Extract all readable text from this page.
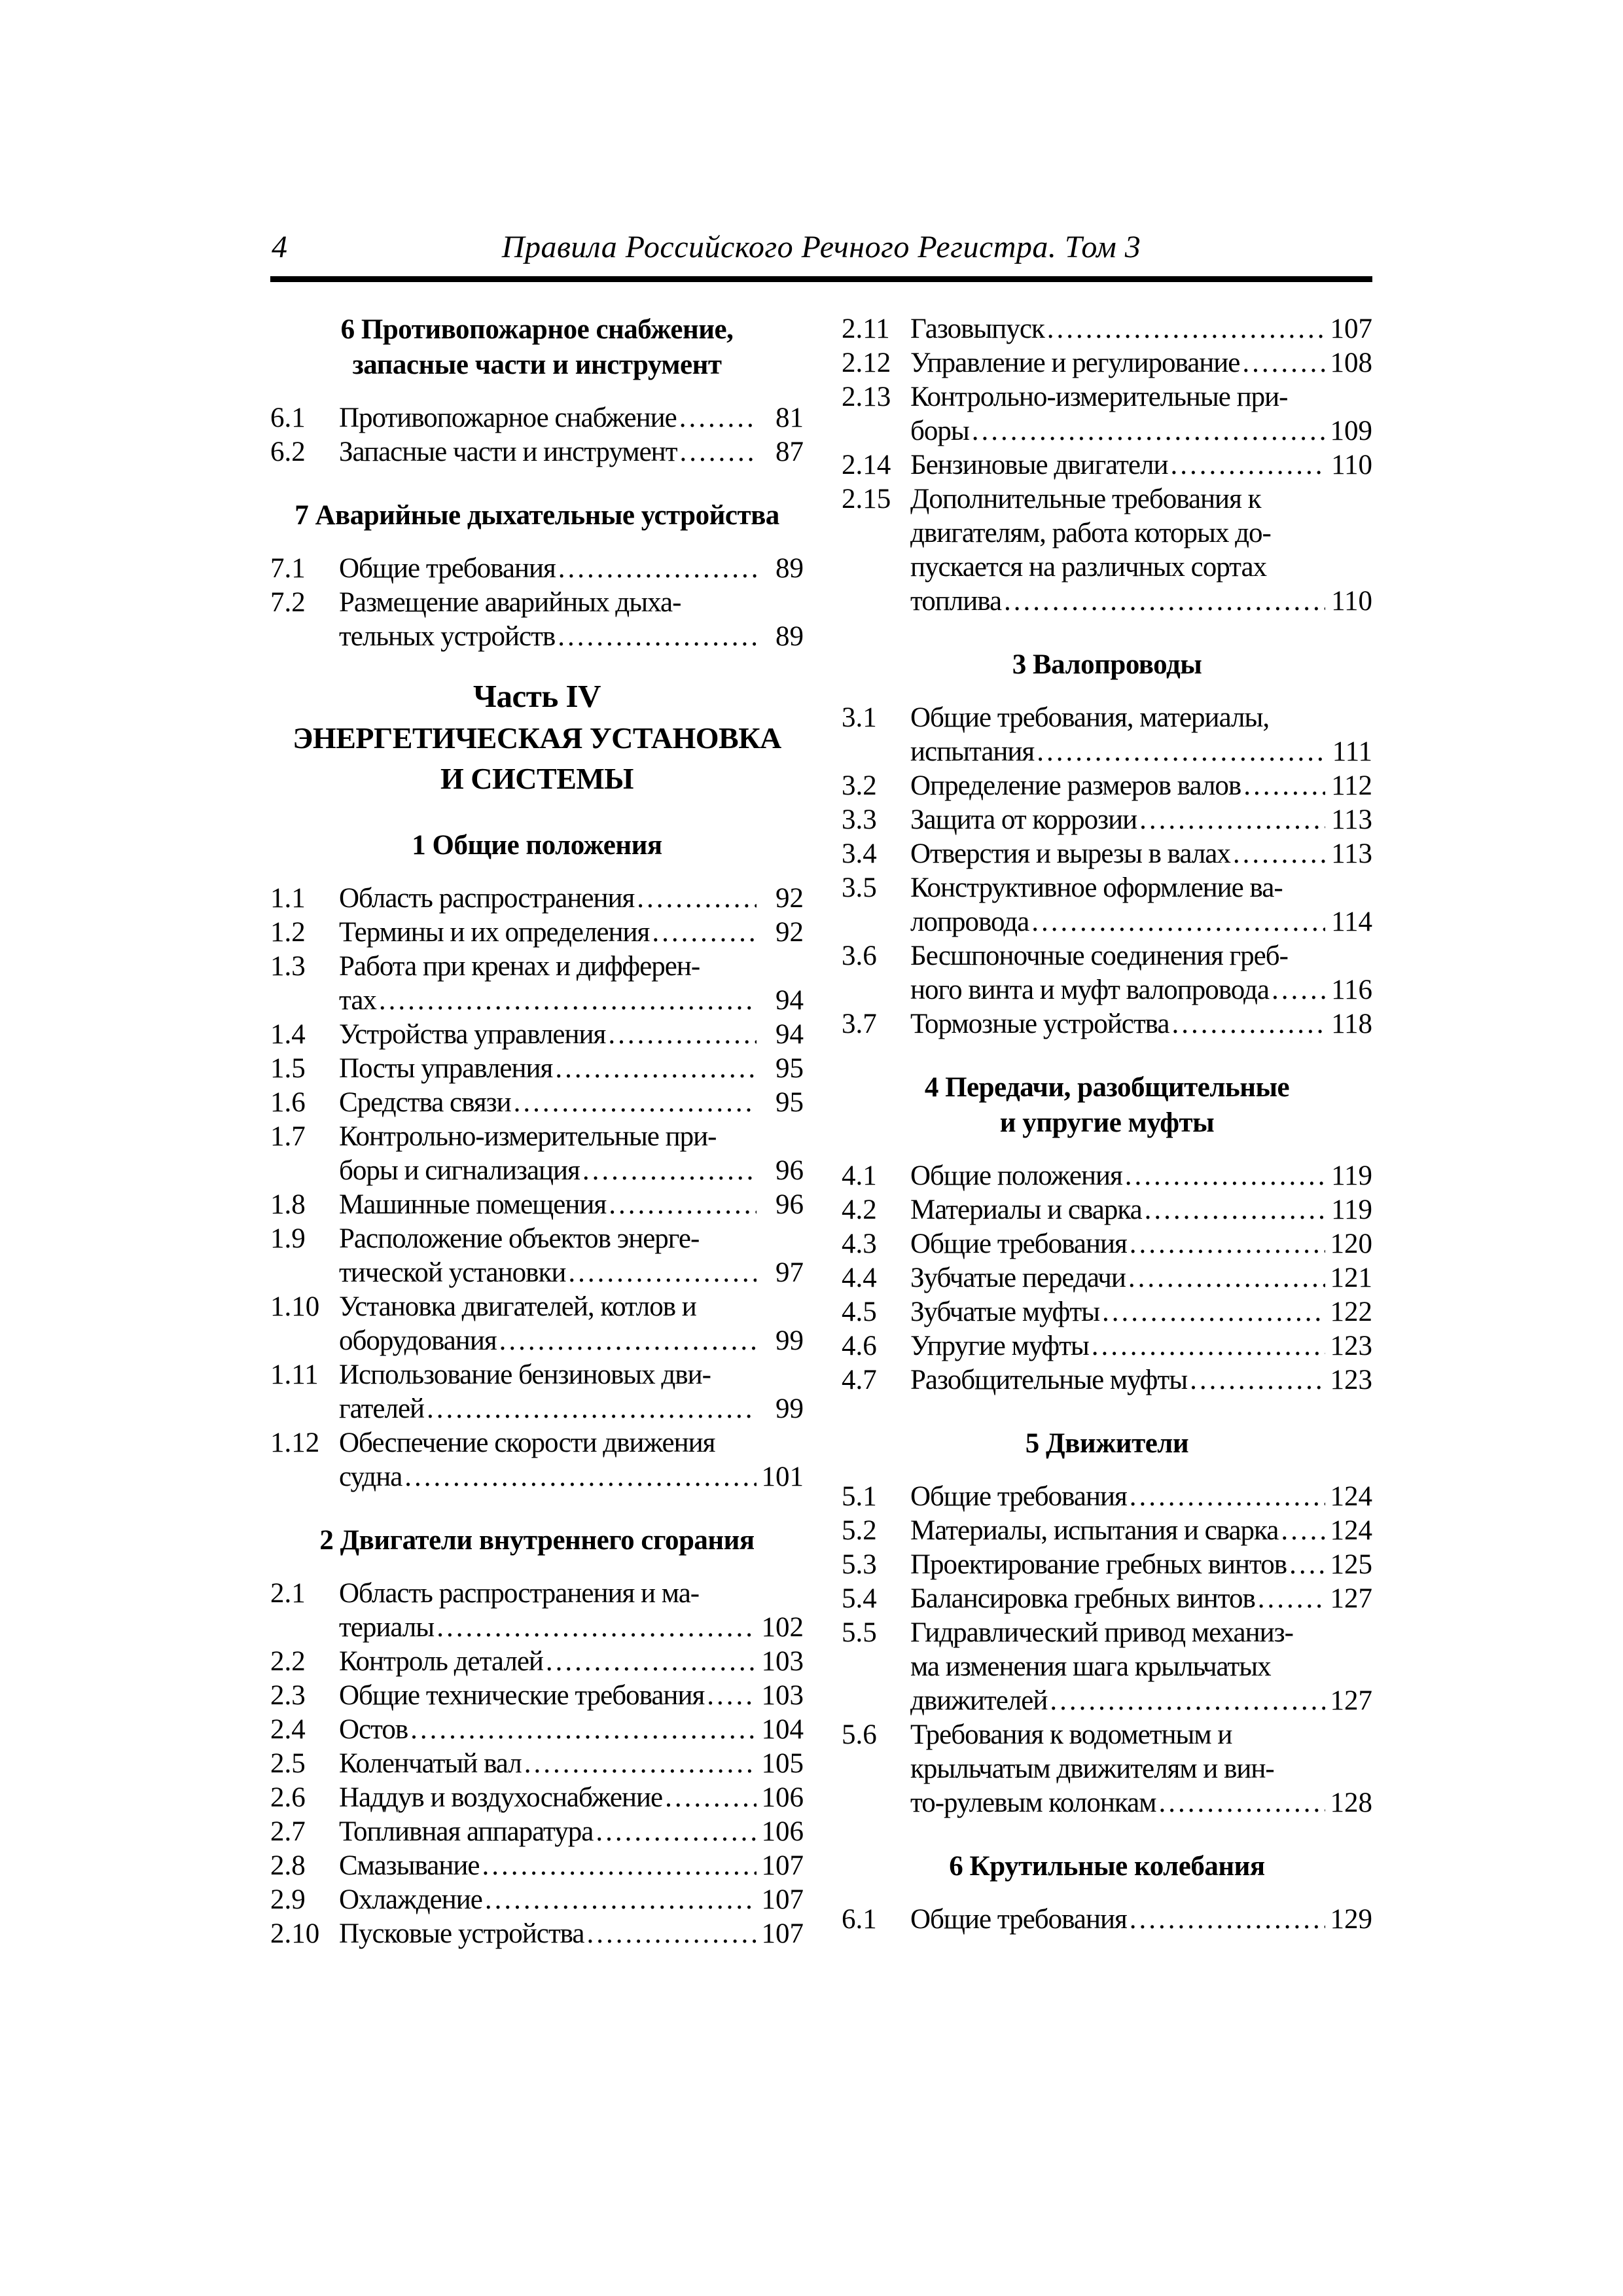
4	Правила Российского Речного Регистра. Том 3
6 Противопожарное снабжение,
запасные части и инструмент
6.1	Противопожарное снабжение .....	81
6.2	Запасные части и инструмент .....	87
7 Аварийные дыхательные устройства
7.1	Общие требования .....	89
7.2	Размещение аварийных дыха-
тельных устройств .....	89
Часть IV
ЭНЕРГЕТИЧЕСКАЯ УСТАНОВКА
И СИСТЕМЫ
1 Общие положения
1.1	Область распространения .....	92
1.2	Термины и их определения .....	92
1.3	Работа при кренах и дифферен-
тах .....	94
1.4	Устройства управления .....	94
1.5	Посты управления .....	95
1.6	Средства связи .....	95
1.7	Контрольно-измерительные при-
боры и сигнализация .....	96
1.8	Машинные помещения .....	96
1.9	Расположение объектов энерге-
тической установки .....	97
1.10 Установка двигателей, котлов и
оборудования .....	99
1.11 Использование бензиновых дви-
гателей .....	99
1.12 Обеспечение скорости движения
судна .....	101
2 Двигатели внутреннего сгорания
2.1	Область распространения и ма-
териалы .....	102
2.2	Контроль деталей .....	103
2.3	Общие технические требования ..... 103
2.4	Остов .....	104
2.5	Коленчатый вал .....	105
2.6	Наддув и воздухоснабжение .....	106
2.7	Топливная аппаратура .....	106
2.8	Смазывание .....	107
2.9	Охлаждение .....	107
2.10 Пусковые устройства .....	107
2.11 Газовыпуск .....	107
2.12 Управление и регулирование .....	108
2.13 Контрольно-измерительные при-
боры .....	109
2.14 Бензиновые двигатели .....	110
2.15 Дополнительные требования к
двигателям, работа которых до-
пускается на различных сортах
топлива .....	110
3 Валопроводы
3.1	Общие требования, материалы,
испытания .....	111
3.2	Определение размеров валов .....	112
3.3	Защита от коррозии .....	113
3.4	Отверстия и вырезы в валах .....	113
3.5	Конструктивное оформление ва-
лопровода .....	114
3.6	Бесшпоночные соединения греб-
ного винта и муфт валопровода ..... 116
3.7	Тормозные устройства .....	118
4 Передачи, разобщительные
и упругие муфты
4.1	Общие положения .....	119
4.2	Материалы и сварка .....	119
4.3	Общие требования .....	120
4.4	Зубчатые передачи .....	121
4.5	Зубчатые муфты .....	122
4.6	Упругие муфты .....	123
4.7	Разобщительные муфты .....	123
5 Движители
5.1	Общие требования .....	124
5.2	Материалы, испытания и сварка ..... 124
5.3	Проектирование гребных винтов ..... 125
5.4	Балансировка гребных винтов .....	127
5.5	Гидравлический привод механиз-
ма изменения шага крыльчатых
движителей .....	127
5.6	Требования к водометным и
крыльчатым движителям и вин-
то-рулевым колонкам .....	128
6 Крутильные колебания
6.1	Общие требования .....	129
